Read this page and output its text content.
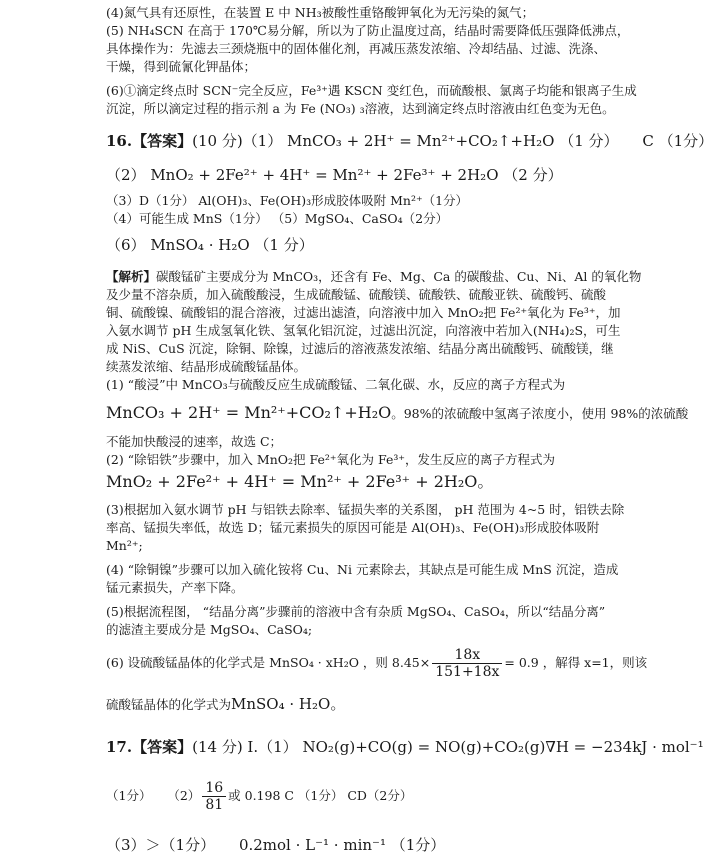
(4)氮气具有还原性，在装置 E 中 NH₃被酸性重铬酸钾氧化为无污染的氮气；
(5) NH₄SCN 在高于 170℃易分解，所以为了防止温度过高，结晶时需要降低压强降低沸点，
具体操作为：先滤去三颈烧瓶中的固体催化剂，再减压蒸发浓缩、冷却结晶、过滤、洗涤、
干燥，得到硫氰化钾晶体；
(6)①滴定终点时 SCN⁻完全反应，Fe³⁺遇 KSCN 变红色，而硫酸根、氯离子均能和银离子生成
沉淀，所以滴定过程的指示剂 a 为 Fe (NO₃) ₃溶液，达到滴定终点时溶液由红色变为无色。
16.【答案】(10 分)（1） MnCO₃ + 2H⁺ = Mn²⁺+CO₂↑+H₂O （1 分） C （1分）
（2） MnO₂ + 2Fe²⁺ + 4H⁺ = Mn²⁺ + 2Fe³⁺ + 2H₂O （2 分）
（3）D（1分） Al(OH)₃、Fe(OH)₃形成胶体吸附 Mn²⁺（1分）
（4）可能生成 MnS（1分） （5）MgSO₄、CaSO₄（2分）
（6） MnSO₄ · H₂O （1 分）
【解析】碳酸锰矿主要成分为 MnCO₃，还含有 Fe、Mg、Ca 的碳酸盐、Cu、Ni、Al 的氧化物
及少量不溶杂质，加入硫酸酸浸，生成硫酸锰、硫酸镁、硫酸铁、硫酸亚铁、硫酸钙、硫酸
铜、硫酸镍、硫酸铝的混合溶液，过滤出滤渣，向溶液中加入 MnO₂把 Fe²⁺氧化为 Fe³⁺，加
入氨水调节 pH 生成氢氧化铁、氢氧化铝沉淀，过滤出沉淀，向溶液中若加入(NH₄)₂S，可生
成 NiS、CuS 沉淀，除铜、除镍，过滤后的溶液蒸发浓缩、结晶分离出硫酸钙、硫酸镁，继
续蒸发浓缩、结晶形成硫酸锰晶体。
(1) “酸浸”中 MnCO₃与硫酸反应生成硫酸锰、二氧化碳、水，反应的离子方程式为
MnCO₃ + 2H⁺ = Mn²⁺+CO₂↑+H₂O。98%的浓硫酸中氢离子浓度小，使用 98%的浓硫酸
不能加快酸浸的速率，故选 C；
(2) “除铝铁”步骤中，加入 MnO₂把 Fe²⁺氧化为 Fe³⁺，发生反应的离子方程式为
MnO₂ + 2Fe²⁺ + 4H⁺ = Mn²⁺ + 2Fe³⁺ + 2H₂O。
(3)根据加入氨水调节 pH 与铝铁去除率、锰损失率的关系图， pH 范围为 4~5 时，铝铁去除
率高、锰损失率低，故选 D；锰元素损失的原因可能是 Al(OH)₃、Fe(OH)₃形成胶体吸附
Mn²⁺;
(4) “除铜镍”步骤可以加入硫化铵将 Cu、Ni 元素除去，其缺点是可能生成 MnS 沉淀，造成
锰元素损失，产率下降。
(5)根据流程图， “结晶分离”步骤前的溶液中含有杂质 MgSO₄、CaSO₄，所以“结晶分离”
的滤渣主要成分是 MgSO₄、CaSO₄;
(6) 设硫酸锰晶体的化学式是 MnSO₄ · xH₂O ，则 $8.45\times \frac{18x}{151+18x} = 0.9$ ，解得 x=1，则该
硫酸锰晶体的化学式为MnSO₄ · H₂O。
17.【答案】(14 分) Ⅰ.（1） NO₂(g)+CO(g) = NO(g)+CO₂(g)∇H = −234kJ · mol⁻¹
（1分） $(2) \frac{16}{81}$ 或 0.198 C （1分） CD（2分）
（3）＞（1分） 0.2mol · L⁻¹ · min⁻¹ （1分）
